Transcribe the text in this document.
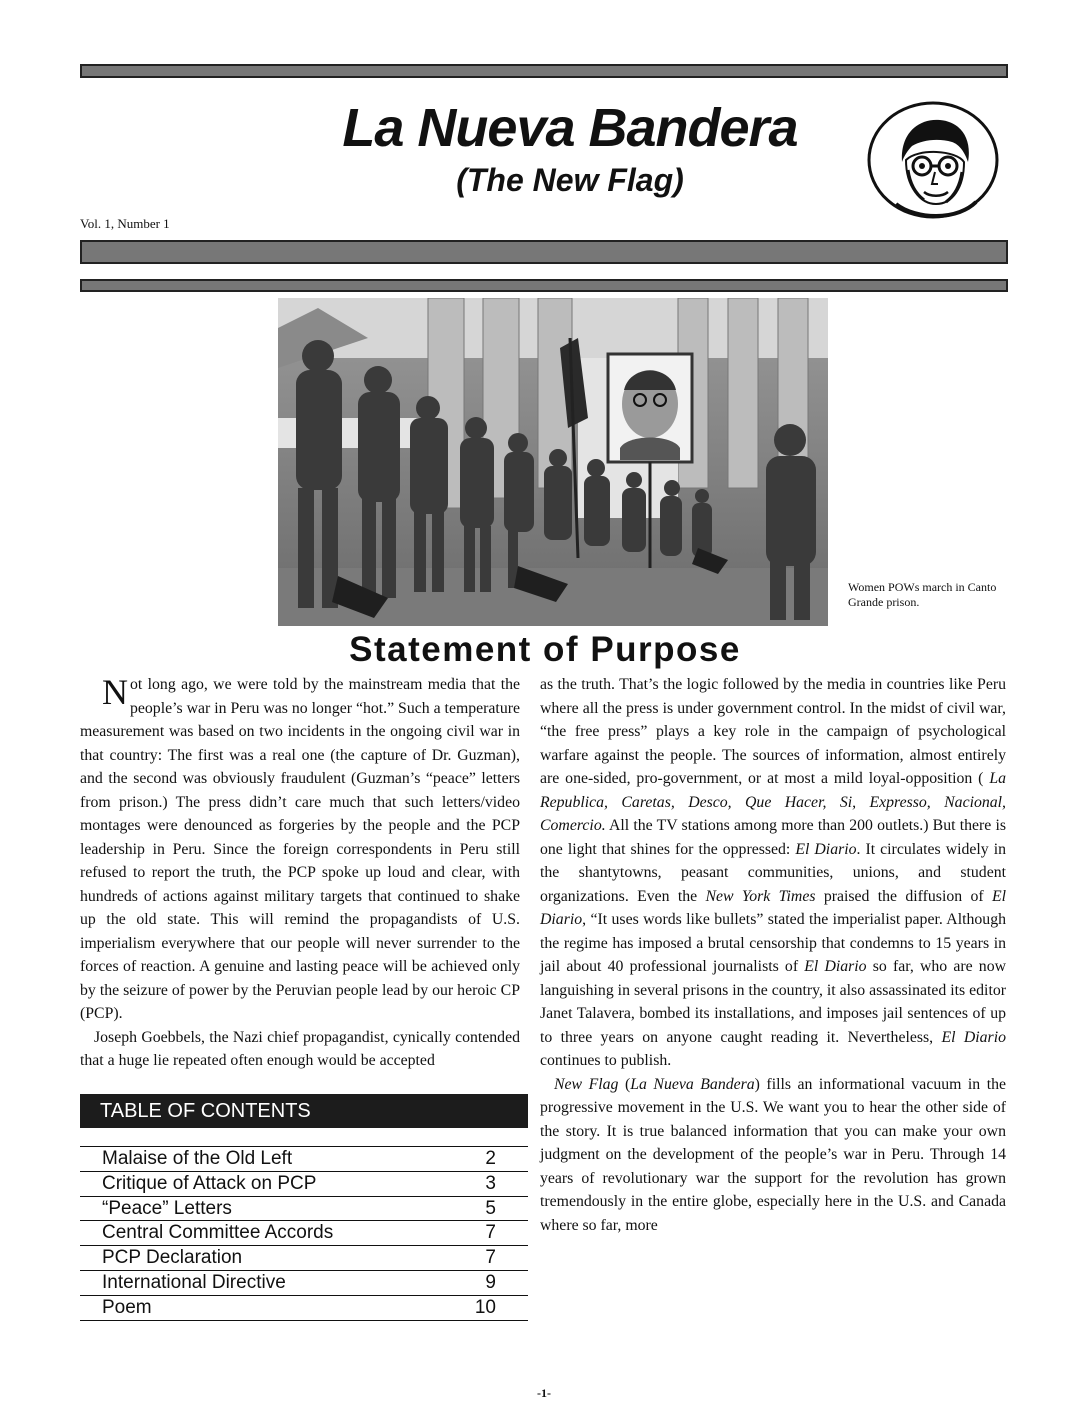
La Nueva Bandera
(The New Flag)
Vol. 1, Number 1
Women POWs march in Canto Grande prison.
Statement of Purpose

Not long ago, we were told by the mainstream media that the people’s war in Peru was no longer “hot.” Such a temperature measurement was based on two incidents in the ongoing civil war in that country: The first was a real one (the capture of Dr. Guzman), and the second was obviously fraudulent (Guzman’s “peace” letters from prison.) The press didn’t care much that such letters/video montages were denounced as forgeries by the people and the PCP leadership in Peru. Since the foreign correspondents in Peru still refused to report the truth, the PCP spoke up loud and clear, with hundreds of actions against military targets that continued to shake up the old state. This will remind the propagandists of U.S. imperialism everywhere that our people will never surrender to the forces of reaction. A genuine and lasting peace will be achieved only by the seizure of power by the Peruvian people lead by our heroic CP (PCP).

Joseph Goebbels, the Nazi chief propagandist, cynically contended that a huge lie repeated often enough would be accepted

as the truth. That’s the logic followed by the media in countries like Peru where all the press is under government control. In the midst of civil war, “the free press” plays a key role in the campaign of psychological warfare against the people. The sources of information, almost entirely are one-sided, pro-government, or at most a mild loyal-opposition ( La Republica, Caretas, Desco, Que Hacer, Si, Expresso, Nacional, Comercio. All the TV stations among more than 200 outlets.) But there is one light that shines for the oppressed: El Diario. It circulates widely in the shantytowns, peasant communities, unions, and student organizations. Even the New York Times praised the diffusion of El Diario, “It uses words like bullets” stated the imperialist paper. Although the regime has imposed a brutal censorship that condemns to 15 years in jail about 40 professional journalists of El Diario so far, who are now languishing in several prisons in the country, it also assassinated its editor Janet Talavera, bombed its installations, and imposes jail sentences of up to three years on anyone caught reading it. Nevertheless, El Diario continues to publish.

New Flag (La Nueva Bandera) fills an informational vacuum in the progressive movement in the U.S. We want you to hear the other side of the story. It is true balanced information that you can make your own judgment on the development of the people’s war in Peru. Through 14 years of revolutionary war the support for the revolution has grown tremendously in the entire globe, especially here in the U.S. and Canada where so far, more

TABLE OF CONTENTS
Malaise of the Old Left	2
Critique of Attack on PCP	3
“Peace” Letters	5
Central Committee Accords	7
PCP Declaration	7
International Directive	9
Poem	10
-1-
